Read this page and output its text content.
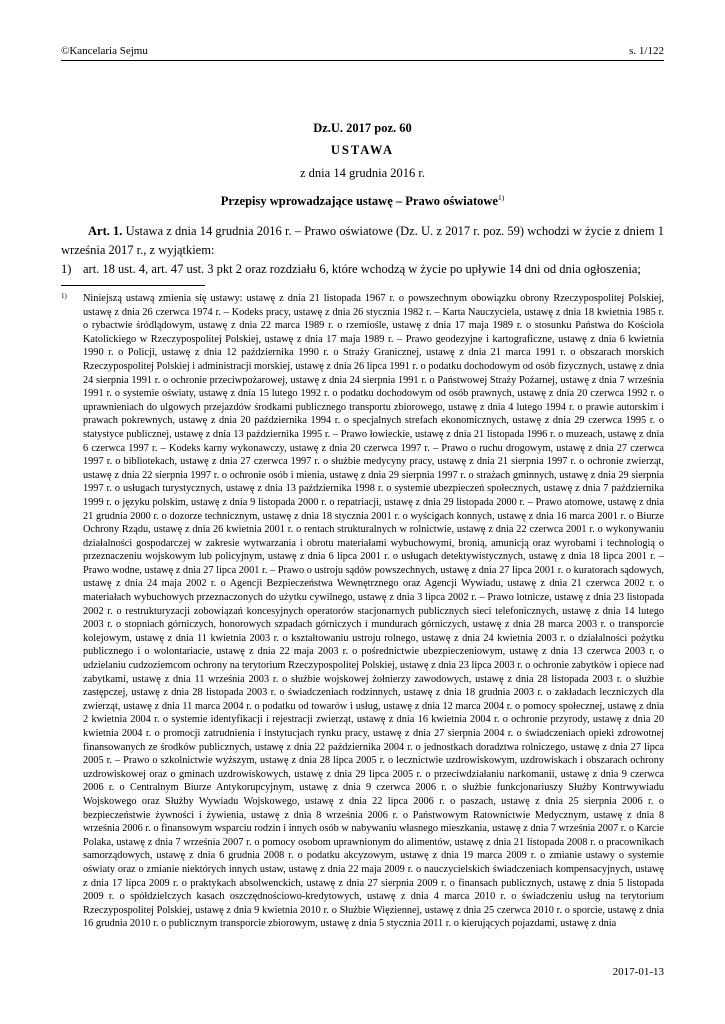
©Kancelaria Sejmu	s. 1/122
Dz.U. 2017 poz. 60
USTAWA
z dnia 14 grudnia 2016 r.
Przepisy wprowadzające ustawę – Prawo oświatowe$^{1)}$

Art. 1. Ustawa z dnia 14 grudnia 2016 r. – Prawo oświatowe (Dz. U. z 2017 r. poz. 59) wchodzi w życie z dniem 1 września 2017 r., z wyjątkiem:

1) art. 18 ust. 4, art. 47 ust. 3 pkt 2 oraz rozdziału 6, które wchodzą w życie po upływie 14 dni od dnia ogłoszenia;
1) Niniejszą ustawą zmienia się ustawy: ustawę z dnia 21 listopada 1967 r. o powszechnym obowiązku obrony Rzeczypospolitej Polskiej, ustawę z dnia 26 czerwca 1974 r. – Kodeks pracy, ustawę z dnia 26 stycznia 1982 r. – Karta Nauczyciela, ustawę z dnia 18 kwietnia 1985 r. o rybactwie śródlądowym, ustawę z dnia 22 marca 1989 r. o rzemiośle, ustawę z dnia 17 maja 1989 r. o stosunku Państwa do Kościoła Katolickiego w Rzeczypospolitej Polskiej, ustawę z dnia 17 maja 1989 r. – Prawo geodezyjne i kartograficzne, ustawę z dnia 6 kwietnia 1990 r. o Policji, ustawę z dnia 12 października 1990 r. o Straży Granicznej, ustawę z dnia 21 marca 1991 r. o obszarach morskich Rzeczypospolitej Polskiej i administracji morskiej, ustawę z dnia 26 lipca 1991 r. o podatku dochodowym od osób fizycznych, ustawę z dnia 24 sierpnia 1991 r. o ochronie przeciwpożarowej, ustawę z dnia 24 sierpnia 1991 r. o Państwowej Straży Pożarnej, ustawę z dnia 7 września 1991 r. o systemie oświaty, ustawę z dnia 15 lutego 1992 r. o podatku dochodowym od osób prawnych, ustawę z dnia 20 czerwca 1992 r. o uprawnieniach do ulgowych przejazdów środkami publicznego transportu zbiorowego, ustawę z dnia 4 lutego 1994 r. o prawie autorskim i prawach pokrewnych, ustawę z dnia 20 października 1994 r. o specjalnych strefach ekonomicznych, ustawę z dnia 29 czerwca 1995 r. o statystyce publicznej, ustawę z dnia 13 października 1995 r. – Prawo łowieckie, ustawę z dnia 21 listopada 1996 r. o muzeach, ustawę z dnia 6 czerwca 1997 r. – Kodeks karny wykonawczy, ustawę z dnia 20 czerwca 1997 r. – Prawo o ruchu drogowym, ustawę z dnia 27 czerwca 1997 r. o bibliotekach, ustawę z dnia 27 czerwca 1997 r. o służbie medycyny pracy, ustawę z dnia 21 sierpnia 1997 r. o ochronie zwierząt, ustawę z dnia 22 sierpnia 1997 r. o ochronie osób i mienia, ustawę z dnia 29 sierpnia 1997 r. o strażach gminnych, ustawę z dnia 29 sierpnia 1997 r. o usługach turystycznych, ustawę z dnia 13 października 1998 r. o systemie ubezpieczeń społecznych, ustawę z dnia 7 października 1999 r. o języku polskim, ustawę z dnia 9 listopada 2000 r. o repatriacji, ustawę z dnia 29 listopada 2000 r. – Prawo atomowe, ustawę z dnia 21 grudnia 2000 r. o dozorze technicznym, ustawę z dnia 18 stycznia 2001 r. o wyścigach konnych, ustawę z dnia 16 marca 2001 r. o Biurze Ochrony Rządu, ustawę z dnia 26 kwietnia 2001 r. o rentach strukturalnych w rolnictwie, ustawę z dnia 22 czerwca 2001 r. o wykonywaniu działalności gospodarczej w zakresie wytwarzania i obrotu materiałami wybuchowymi, bronią, amunicją oraz wyrobami i technologią o przeznaczeniu wojskowym lub policyjnym, ustawę z dnia 6 lipca 2001 r. o usługach detektywistycznych, ustawę z dnia 18 lipca 2001 r. – Prawo wodne, ustawę z dnia 27 lipca 2001 r. – Prawo o ustroju sądów powszechnych, ustawę z dnia 27 lipca 2001 r. o kuratorach sądowych, ustawę z dnia 24 maja 2002 r. o Agencji Bezpieczeństwa Wewnętrznego oraz Agencji Wywiadu, ustawę z dnia 21 czerwca 2002 r. o materiałach wybuchowych przeznaczonych do użytku cywilnego, ustawę z dnia 3 lipca 2002 r. – Prawo lotnicze, ustawę z dnia 23 listopada 2002 r. o restrukturyzacji zobowiązań koncesyjnych operatorów stacjonarnych publicznych sieci telefonicznych, ustawę z dnia 14 lutego 2003 r. o stopniach górniczych, honorowych szpadach górniczych i mundurach górniczych, ustawę z dnia 28 marca 2003 r. o transporcie kolejowym, ustawę z dnia 11 kwietnia 2003 r. o kształtowaniu ustroju rolnego, ustawę z dnia 24 kwietnia 2003 r. o działalności pożytku publicznego i o wolontariacie, ustawę z dnia 22 maja 2003 r. o pośrednictwie ubezpieczeniowym, ustawę z dnia 13 czerwca 2003 r. o udzielaniu cudzoziemcom ochrony na terytorium Rzeczypospolitej Polskiej, ustawę z dnia 23 lipca 2003 r. o ochronie zabytków i opiece nad zabytkami, ustawę z dnia 11 września 2003 r. o służbie wojskowej żołnierzy zawodowych, ustawę z dnia 28 listopada 2003 r. o służbie zastępczej, ustawę z dnia 28 listopada 2003 r. o świadczeniach rodzinnych, ustawę z dnia 18 grudnia 2003 r. o zakładach leczniczych dla zwierząt, ustawę z dnia 11 marca 2004 r. o podatku od towarów i usług, ustawę z dnia 12 marca 2004 r. o pomocy społecznej, ustawę z dnia 2 kwietnia 2004 r. o systemie identyfikacji i rejestracji zwierząt, ustawę z dnia 16 kwietnia 2004 r. o ochronie przyrody, ustawę z dnia 20 kwietnia 2004 r. o promocji zatrudnienia i instytucjach rynku pracy, ustawę z dnia 27 sierpnia 2004 r. o świadczeniach opieki zdrowotnej finansowanych ze środków publicznych, ustawę z dnia 22 października 2004 r. o jednostkach doradztwa rolniczego, ustawę z dnia 27 lipca 2005 r. – Prawo o szkolnictwie wyższym, ustawę z dnia 28 lipca 2005 r. o lecznictwie uzdrowiskowym, uzdrowiskach i obszarach ochrony uzdrowiskowej oraz o gminach uzdrowiskowych, ustawę z dnia 29 lipca 2005 r. o przeciwdziałaniu narkomanii, ustawę z dnia 9 czerwca 2006 r. o Centralnym Biurze Antykorupcyjnym, ustawę z dnia 9 czerwca 2006 r. o służbie funkcjonariuszy Służby Kontrwywiadu Wojskowego oraz Służby Wywiadu Wojskowego, ustawę z dnia 22 lipca 2006 r. o paszach, ustawę z dnia 25 sierpnia 2006 r. o bezpieczeństwie żywności i żywienia, ustawę z dnia 8 września 2006 r. o Państwowym Ratownictwie Medycznym, ustawę z dnia 8 września 2006 r. o finansowym wsparciu rodzin i innych osób w nabywaniu własnego mieszkania, ustawę z dnia 7 września 2007 r. o Karcie Polaka, ustawę z dnia 7 września 2007 r. o pomocy osobom uprawnionym do alimentów, ustawę z dnia 21 listopada 2008 r. o pracownikach samorządowych, ustawę z dnia 6 grudnia 2008 r. o podatku akcyzowym, ustawę z dnia 19 marca 2009 r. o zmianie ustawy o systemie oświaty oraz o zmianie niektórych innych ustaw, ustawę z dnia 22 maja 2009 r. o nauczycielskich świadczeniach kompensacyjnych, ustawę z dnia 17 lipca 2009 r. o praktykach absolwenckich, ustawę z dnia 27 sierpnia 2009 r. o finansach publicznych, ustawę z dnia 5 listopada 2009 r. o spółdzielczych kasach oszczędnościowo-kredytowych, ustawę z dnia 4 marca 2010 r. o świadczeniu usług na terytorium Rzeczypospolitej Polskiej, ustawę z dnia 9 kwietnia 2010 r. o Służbie Więziennej, ustawę z dnia 25 czerwca 2010 r. o sporcie, ustawę z dnia 16 grudnia 2010 r. o publicznym transporcie zbiorowym, ustawę z dnia 5 stycznia 2011 r. o kierujących pojazdami, ustawę z dnia
2017-01-13
